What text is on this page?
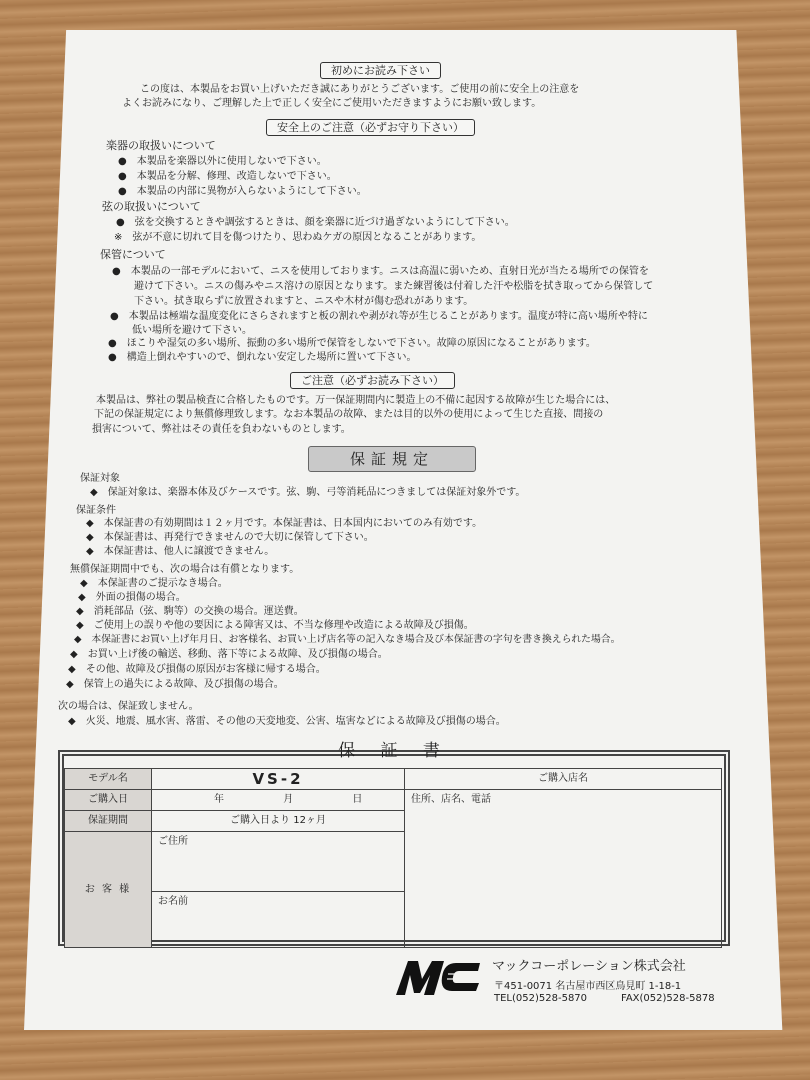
初めにお読み下さい
この度は、本製品をお買い上げいただき誠にありがとうございます。ご使用の前に安全上の注意を
よくお読みになり、ご理解した上で正しく安全にご使用いただきますようにお願い致します。
安全上のご注意（必ずお守り下さい）
楽器の取扱いについて
●　本製品を楽器以外に使用しないで下さい。
●　本製品を分解、修理、改造しないで下さい。
●　本製品の内部に異物が入らないようにして下さい。
弦の取扱いについて
●　弦を交換するときや調弦するときは、顔を楽器に近づけ過ぎないようにして下さい。
※　弦が不意に切れて目を傷つけたり、思わぬケガの原因となることがあります。
保管について
●　本製品の一部モデルにおいて、ニスを使用しております。ニスは高温に弱いため、直射日光が当たる場所での保管を
避けて下さい。ニスの傷みやニス溶けの原因となります。また練習後は付着した汗や松脂を拭き取ってから保管して
下さい。拭き取らずに放置されますと、ニスや木材が傷む恐れがあります。
●　本製品は極端な温度変化にさらされますと板の割れや剥がれ等が生じることがあります。温度が特に高い場所や特に
低い場所を避けて下さい。
●　ほこりや湿気の多い場所、振動の多い場所で保管をしないで下さい。故障の原因になることがあります。
●　構造上倒れやすいので、倒れない安定した場所に置いて下さい。
ご注意（必ずお読み下さい）
本製品は、弊社の製品検査に合格したものです。万一保証期間内に製造上の不備に起因する故障が生じた場合には、
下記の保証規定により無償修理致します。なお本製品の故障、または目的以外の使用によって生じた直接、間接の
損害について、弊社はその責任を負わないものとします。
保証規定
保証対象
◆　保証対象は、楽器本体及びケースです。弦、駒、弓等消耗品につきましては保証対象外です。
保証条件
◆　本保証書の有効期間は１２ヶ月です。本保証書は、日本国内においてのみ有効です。
◆　本保証書は、再発行できませんので大切に保管して下さい。
◆　本保証書は、他人に譲渡できません。
無償保証期間中でも、次の場合は有償となります。
◆　本保証書のご提示なき場合。
◆　外面の損傷の場合。
◆　消耗部品（弦、駒等）の交換の場合。運送費。
◆　ご使用上の誤りや他の要因による障害又は、不当な修理や改造による故障及び損傷。
◆　本保証書にお買い上げ年月日、お客様名、お買い上げ店名等の記入なき場合及び本保証書の字句を書き換えられた場合。
◆　お買い上げ後の輸送、移動、落下等による故障、及び損傷の場合。
◆　その他、故障及び損傷の原因がお客様に帰する場合。
◆　保管上の過失による故障、及び損傷の場合。
次の場合は、保証致しません。
◆　火災、地震、風水害、落雷、その他の天変地変、公害、塩害などによる故障及び損傷の場合。
保 証 書
モデル名	VS-2	ご購入店名
ご購入日	年 月 日	住所、店名、電話
保証期間	ご購入日より 12ヶ月	
お 客 様	ご住所	
	お名前	
マックコーポレーション株式会社
〒451-0071 名古屋市西区鳥見町 1-18-1
TEL(052)528-5870	FAX(052)528-5878
